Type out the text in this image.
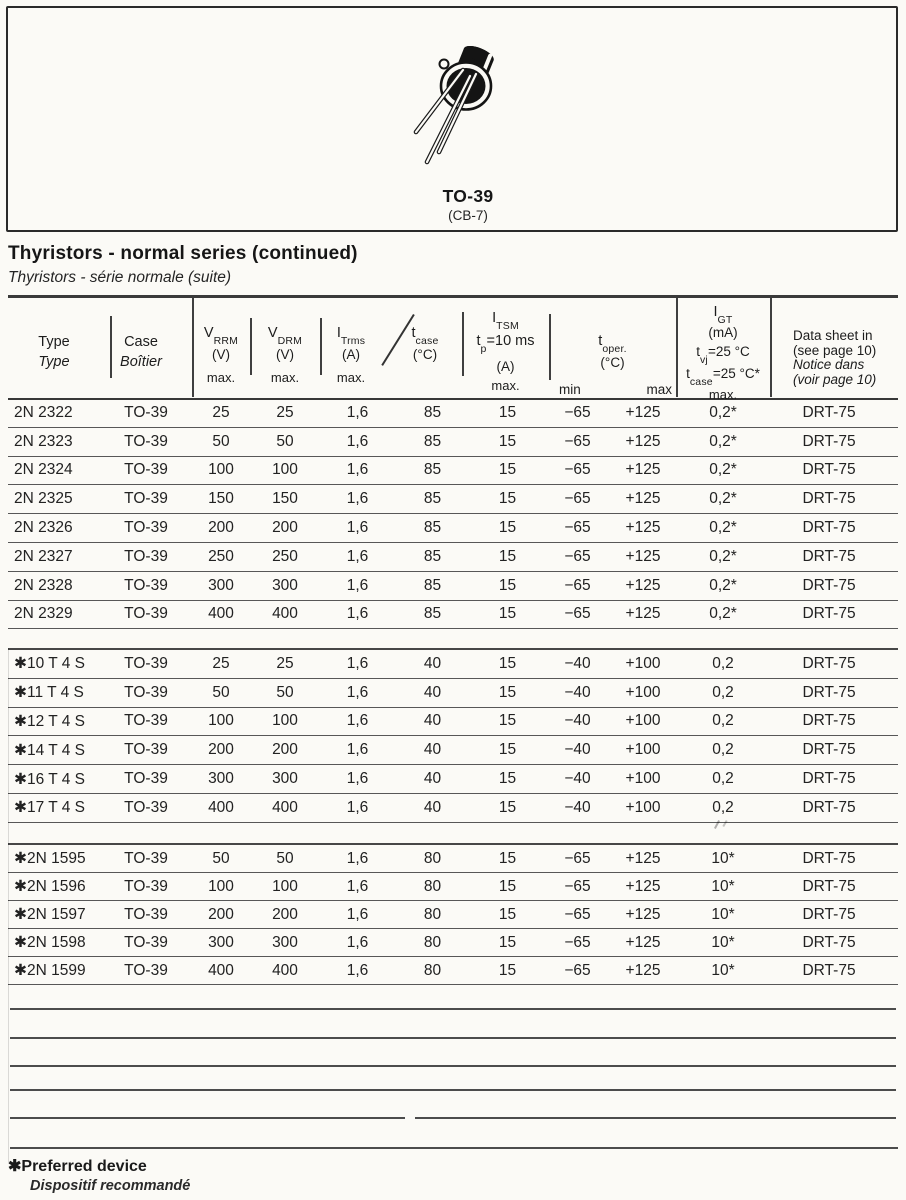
TO-39
(CB-7)
Thyristors - normal series (continued)
Thyristors - série normale (suite)
Type
Type
Case
Boîtier
$V_{RRM}$
(V)
max.
$V_{DRM}$
(V)
max.
$I_{Trms}$
(A)
max.
$t_{case}$
(°C)
$I_{TSM}$
$t_p=10$ ms
(A)
max.
$t_{oper.}$
(°C)
min	max
$I_{GT}$
(mA)
$t_{vj}=25$ °C
$t_{case}=25$ °C*
max.
Data sheet in
(see page 10)
Notice dans
(voir page 10)
2N 2322	TO-39	25	25	1,6	85	15	−65	+125	0,2*	DRT-75
2N 2323	TO-39	50	50	1,6	85	15	−65	+125	0,2*	DRT-75
2N 2324	TO-39	100	100	1,6	85	15	−65	+125	0,2*	DRT-75
2N 2325	TO-39	150	150	1,6	85	15	−65	+125	0,2*	DRT-75
2N 2326	TO-39	200	200	1,6	85	15	−65	+125	0,2*	DRT-75
2N 2327	TO-39	250	250	1,6	85	15	−65	+125	0,2*	DRT-75
2N 2328	TO-39	300	300	1,6	85	15	−65	+125	0,2*	DRT-75
2N 2329	TO-39	400	400	1,6	85	15	−65	+125	0,2*	DRT-75
✱10 T 4 S	TO-39	25	25	1,6	40	15	−40	+100	0,2	DRT-75
✱11 T 4 S	TO-39	50	50	1,6	40	15	−40	+100	0,2	DRT-75
✱12 T 4 S	TO-39	100	100	1,6	40	15	−40	+100	0,2	DRT-75
✱14 T 4 S	TO-39	200	200	1,6	40	15	−40	+100	0,2	DRT-75
✱16 T 4 S	TO-39	300	300	1,6	40	15	−40	+100	0,2	DRT-75
✱17 T 4 S	TO-39	400	400	1,6	40	15	−40	+100	0,2	DRT-75
✱2N 1595	TO-39	50	50	1,6	80	15	−65	+125	10*	DRT-75
✱2N 1596	TO-39	100	100	1,6	80	15	−65	+125	10*	DRT-75
✱2N 1597	TO-39	200	200	1,6	80	15	−65	+125	10*	DRT-75
✱2N 1598	TO-39	300	300	1,6	80	15	−65	+125	10*	DRT-75
✱2N 1599	TO-39	400	400	1,6	80	15	−65	+125	10*	DRT-75
✱Preferred device
Dispositif recommandé
